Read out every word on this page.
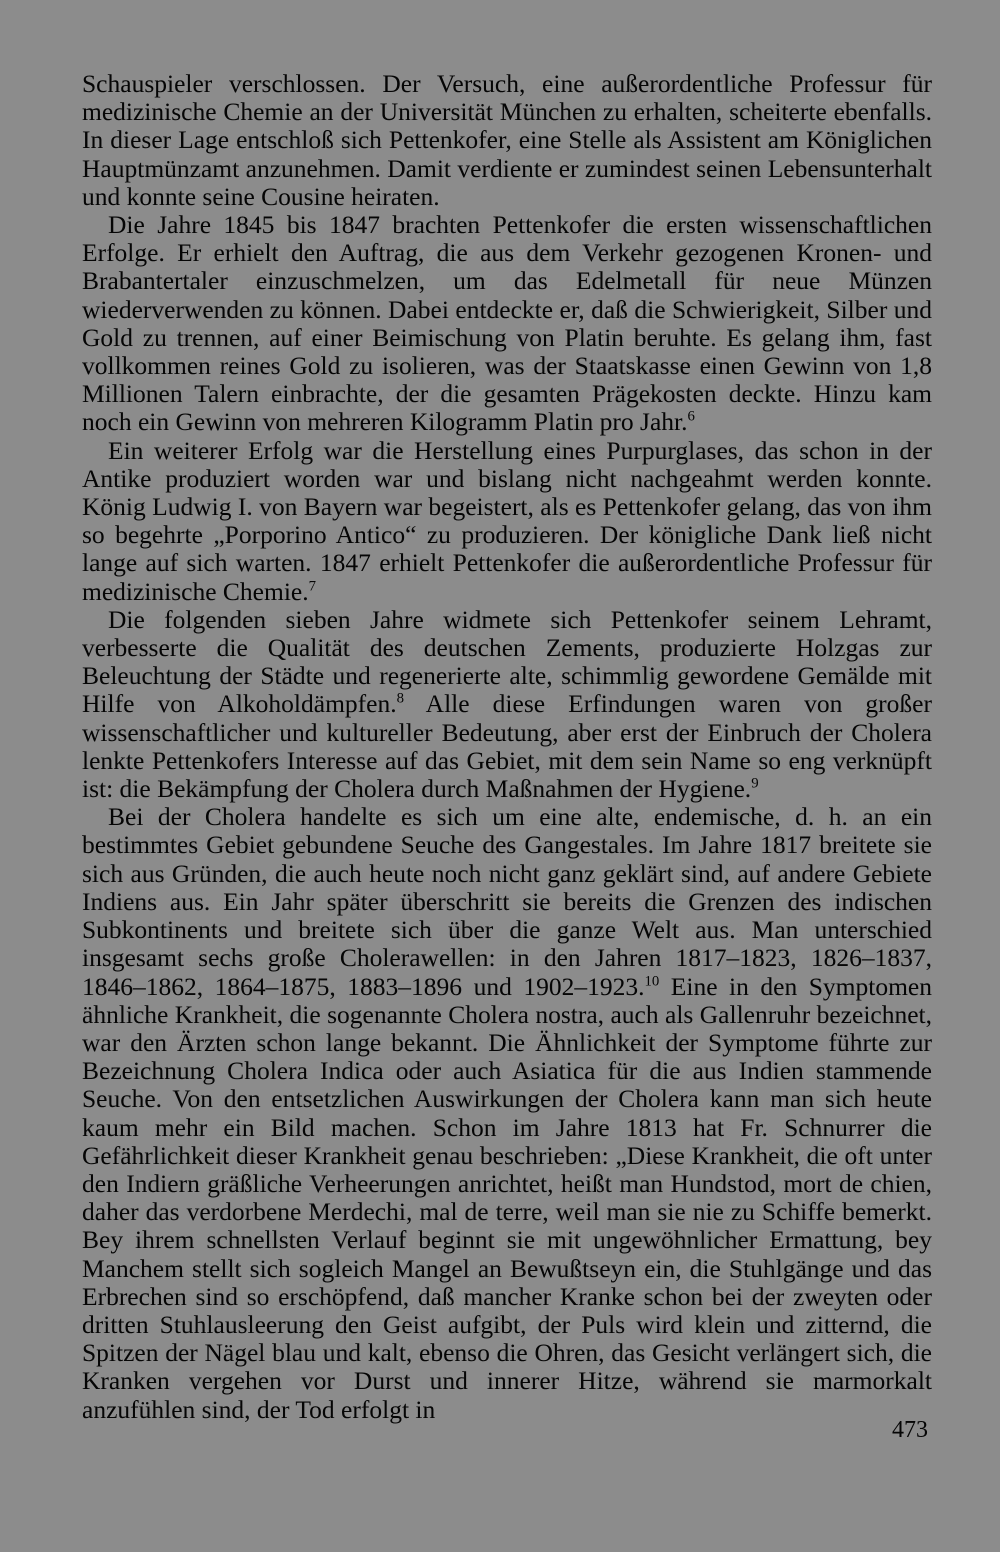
Schauspieler verschlossen. Der Versuch, eine außerordentliche Professur für medizinische Chemie an der Universität München zu erhalten, scheiterte ebenfalls. In dieser Lage entschloß sich Pettenkofer, eine Stelle als Assistent am Königlichen Hauptmünzamt anzunehmen. Damit verdiente er zumindest seinen Lebensunterhalt und konnte seine Cousine heiraten.

Die Jahre 1845 bis 1847 brachten Pettenkofer die ersten wissenschaftlichen Erfolge. Er erhielt den Auftrag, die aus dem Verkehr gezogenen Kronen- und Brabantertaler einzuschmelzen, um das Edelmetall für neue Münzen wiederverwenden zu können. Dabei entdeckte er, daß die Schwierigkeit, Silber und Gold zu trennen, auf einer Beimischung von Platin beruhte. Es gelang ihm, fast vollkommen reines Gold zu isolieren, was der Staatskasse einen Gewinn von 1,8 Millionen Talern einbrachte, der die gesamten Prägekosten deckte. Hinzu kam noch ein Gewinn von mehreren Kilogramm Platin pro Jahr.$^6$

Ein weiterer Erfolg war die Herstellung eines Purpurglases, das schon in der Antike produziert worden war und bislang nicht nachgeahmt werden konnte. König Ludwig I. von Bayern war begeistert, als es Pettenkofer gelang, das von ihm so begehrte „Porporino Antico“ zu produzieren. Der königliche Dank ließ nicht lange auf sich warten. 1847 erhielt Pettenkofer die außerordentliche Professur für medizinische Chemie.$^7$

Die folgenden sieben Jahre widmete sich Pettenkofer seinem Lehramt, verbesserte die Qualität des deutschen Zements, produzierte Holzgas zur Beleuchtung der Städte und regenerierte alte, schimmlig gewordene Gemälde mit Hilfe von Alkoholdämpfen.$^8$ Alle diese Erfindungen waren von großer wissenschaftlicher und kultureller Bedeutung, aber erst der Einbruch der Cholera lenkte Pettenkofers Interesse auf das Gebiet, mit dem sein Name so eng verknüpft ist: die Bekämpfung der Cholera durch Maßnahmen der Hygiene.$^9$

Bei der Cholera handelte es sich um eine alte, endemische, d. h. an ein bestimmtes Gebiet gebundene Seuche des Gangestales. Im Jahre 1817 breitete sie sich aus Gründen, die auch heute noch nicht ganz geklärt sind, auf andere Gebiete Indiens aus. Ein Jahr später überschritt sie bereits die Grenzen des indischen Subkontinents und breitete sich über die ganze Welt aus. Man unterschied insgesamt sechs große Cholerawellen: in den Jahren 1817–1823, 1826–1837, 1846–1862, 1864–1875, 1883–1896 und 1902–1923.10 Eine in den Symptomen ähnliche Krankheit, die sogenannte Cholera nostra, auch als Gallenruhr bezeichnet, war den Ärzten schon lange bekannt. Die Ähnlichkeit der Symptome führte zur Bezeichnung Cholera Indica oder auch Asiatica für die aus Indien stammende Seuche. Von den entsetzlichen Auswirkungen der Cholera kann man sich heute kaum mehr ein Bild machen. Schon im Jahre 1813 hat Fr. Schnurrer die Gefährlichkeit dieser Krankheit genau beschrieben: „Diese Krankheit, die oft unter den Indiern gräßliche Verheerungen anrichtet, heißt man Hundstod, mort de chien, daher das verdorbene Merdechi, mal de terre, weil man sie nie zu Schiffe bemerkt. Bey ihrem schnellsten Verlauf beginnt sie mit ungewöhnlicher Ermattung, bey Manchem stellt sich sogleich Mangel an Bewußtseyn ein, die Stuhlgänge und das Erbrechen sind so erschöpfend, daß mancher Kranke schon bei der zweyten oder dritten Stuhlausleerung den Geist aufgibt, der Puls wird klein und zitternd, die Spitzen der Nägel blau und kalt, ebenso die Ohren, das Gesicht verlängert sich, die Kranken vergehen vor Durst und innerer Hitze, während sie marmorkalt anzufühlen sind, der Tod erfolgt in

473
